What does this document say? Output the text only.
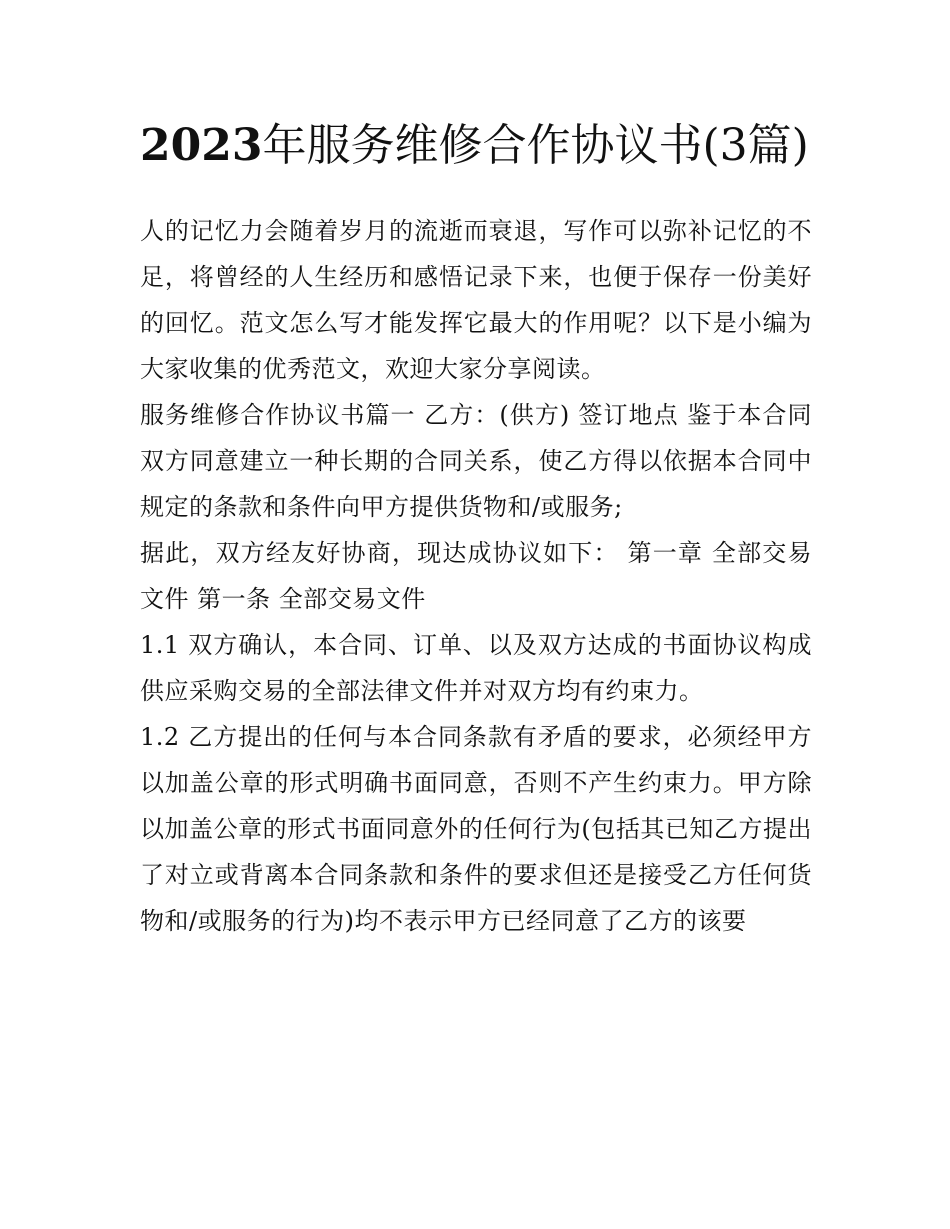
2023年服务维修合作协议书(3篇)

人的记忆力会随着岁月的流逝而衰退，写作可以弥补记忆的不足，将曾经的人生经历和感悟记录下来，也便于保存一份美好的回忆。范文怎么写才能发挥它最大的作用呢？以下是小编为大家收集的优秀范文，欢迎大家分享阅读。

服务维修合作协议书篇一 乙方：(供方) 签订地点 鉴于本合同双方同意建立一种长期的合同关系，使乙方得以依据本合同中规定的条款和条件向甲方提供货物和/或服务;

据此，双方经友好协商，现达成协议如下： 第一章 全部交易文件 第一条 全部交易文件

1.1 双方确认，本合同、订单、以及双方达成的书面协议构成供应采购交易的全部法律文件并对双方均有约束力。

1.2 乙方提出的任何与本合同条款有矛盾的要求，必须经甲方以加盖公章的形式明确书面同意，否则不产生约束力。甲方除以加盖公章的形式书面同意外的任何行为(包括其已知乙方提出了对立或背离本合同条款和条件的要求但还是接受乙方任何货物和/或服务的行为)均不表示甲方已经同意了乙方的该要
